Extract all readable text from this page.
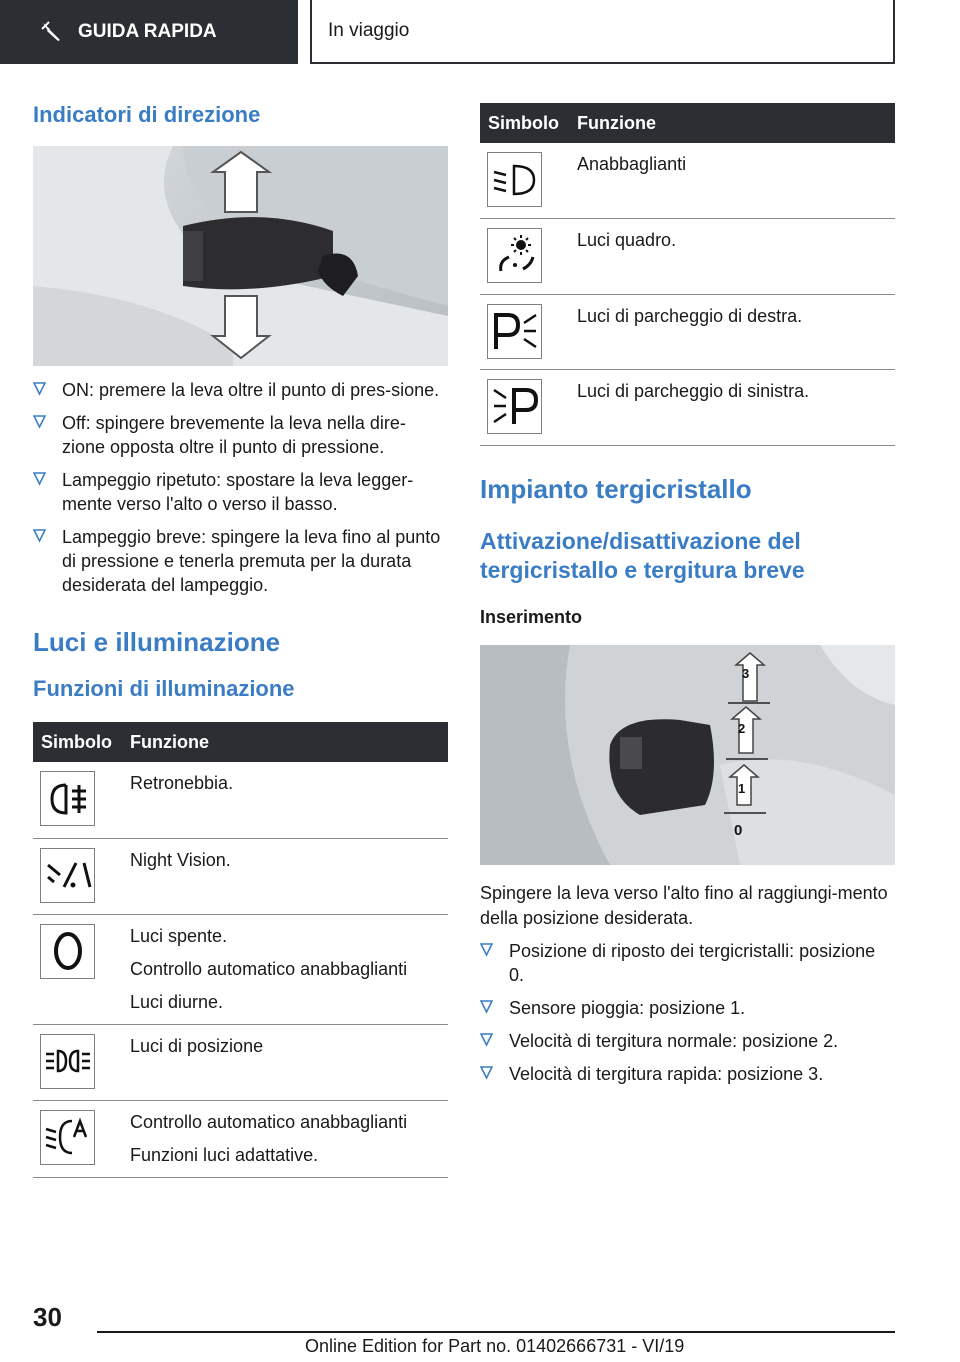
GUIDA RAPIDA	In viaggio
Indicatori di direzione
ON: premere la leva oltre il punto di pres-sione.
Off: spingere brevemente la leva nella dire-zione opposta oltre il punto di pressione.
Lampeggio ripetuto: spostare la leva legger-mente verso l'alto o verso il basso.
Lampeggio breve: spingere la leva fino al punto di pressione e tenerla premuta per la durata desiderata del lampeggio.
Luci e illuminazione
Funzioni di illuminazione
Simbolo	Funzione

Retronebbia.

Night Vision.

Luci spente.
Controllo automatico anabbaglianti
Luci diurne.

Luci di posizione

Controllo automatico anabbaglianti
Funzioni luci adattative.
Simbolo	Funzione

Anabbaglianti

Luci quadro.

Luci di parcheggio di destra.

Luci di parcheggio di sinistra.
Impianto tergicristallo
Attivazione/disattivazione del tergicristallo e tergitura breve
Inserimento
3
2
1
0
Spingere la leva verso l'alto fino al raggiungi-mento della posizione desiderata.
Posizione di riposto dei tergicristalli: posizione 0.
Sensore pioggia: posizione 1.
Velocità di tergitura normale: posizione 2.
Velocità di tergitura rapida: posizione 3.
30
Online Edition for Part no. 01402666731 - VI/19
